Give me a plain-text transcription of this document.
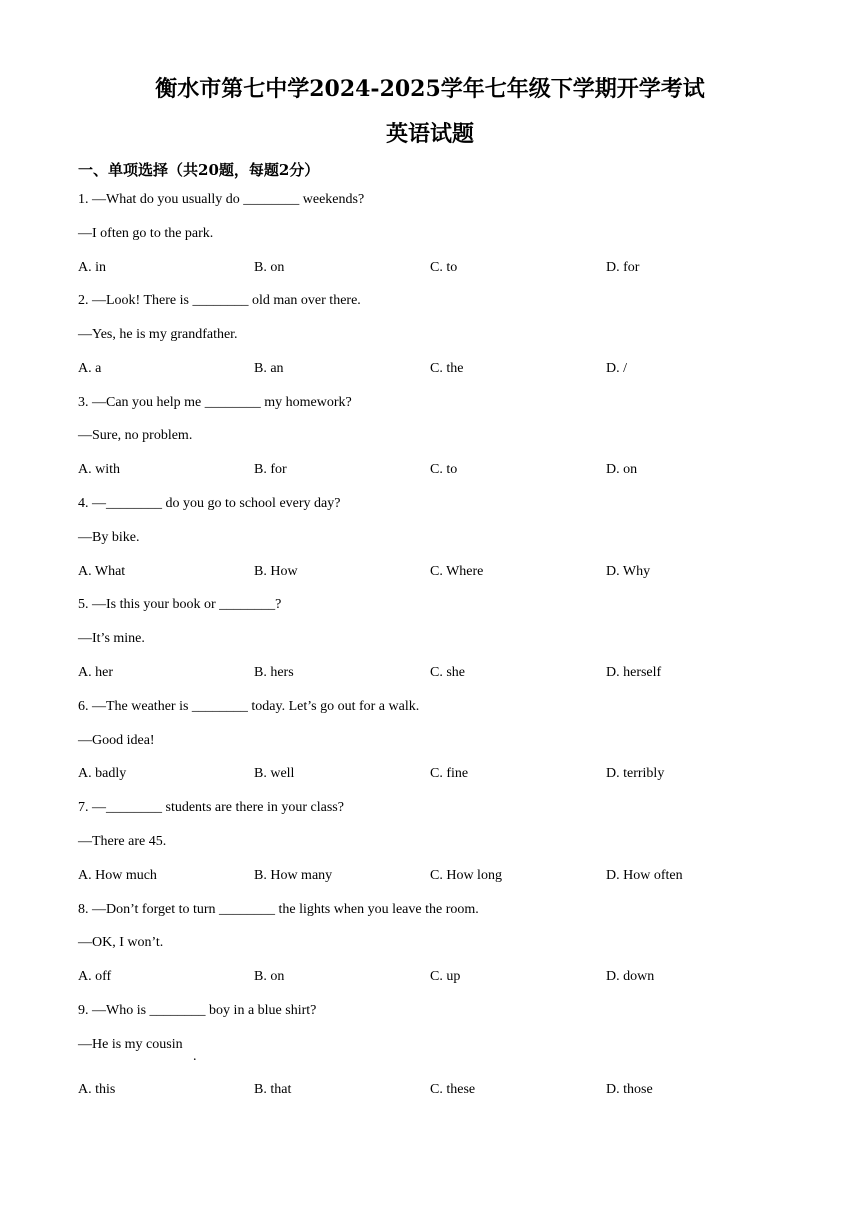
衡水市第七中学2024-2025学年七年级下学期开学考试
英语试题
一、单项选择（共20题，每题2分）
1. —What do you usually do ________ weekends?
—I often go to the park.
A. in	B. on	C. to	D. for
2. —Look! There is ________ old man over there.
—Yes, he is my grandfather.
A. a	B. an	C. the	D. /
3. —Can you help me ________ my homework?
—Sure, no problem.
A. with	B. for	C. to	D. on
4. —________ do you go to school every day?
—By bike.
A. What	B. How	C. Where	D. Why
5. —Is this your book or ________?
—It’s mine.
A. her	B. hers	C. she	D. herself
6. —The weather is ________ today. Let’s go out for a walk.
—Good idea!
A. badly	B. well	C. fine	D. terribly
7. —________ students are there in your class?
—There are 45.
A. How much	B. How many	C. How long	D. How often
8. —Don’t forget to turn ________ the lights when you leave the room.
—OK, I won’t.
A. off	B. on	C. up	D. down
9. —Who is ________ boy in a blue shirt?
—He is my cousin
.
A. this	B. that	C. these	D. those
